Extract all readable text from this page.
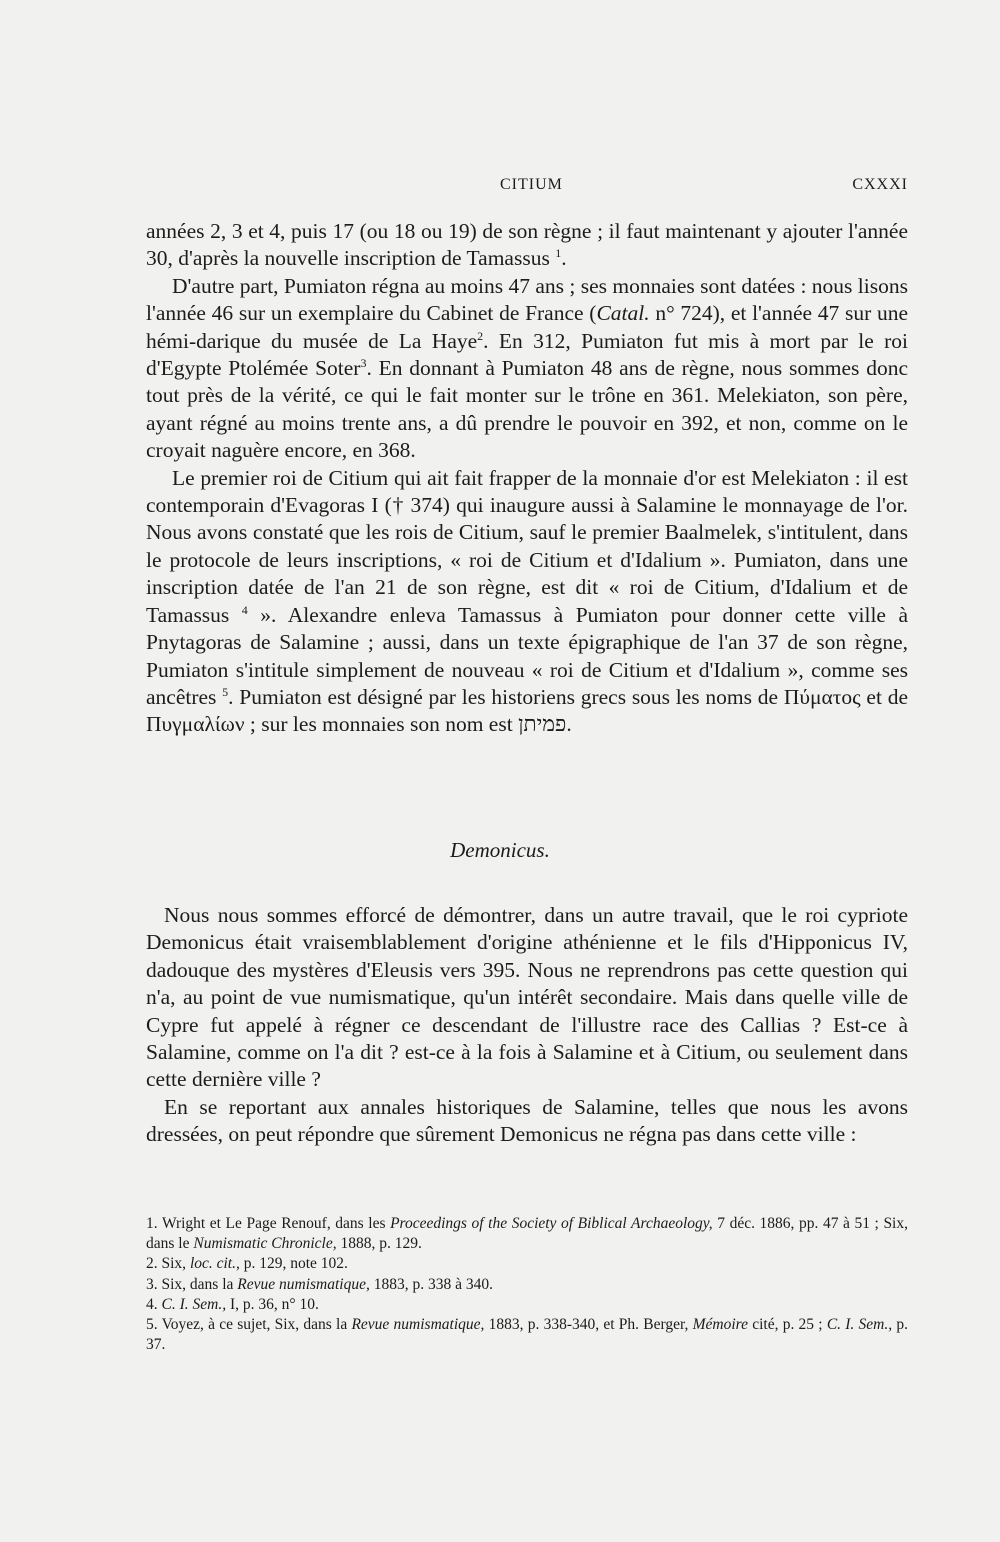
CITIUM	CXXXI

années 2, 3 et 4, puis 17 (ou 18 ou 19) de son règne ; il faut maintenant y ajouter l'année 30, d'après la nouvelle inscription de Tamassus $^1$.

D'autre part, Pumiaton régna au moins 47 ans ; ses monnaies sont datées : nous lisons l'année 46 sur un exemplaire du Cabinet de France (Catal. n° 724), et l'année 47 sur une hémi-darique du musée de La Haye$^2$. En 312, Pumiaton fut mis à mort par le roi d'Egypte Ptolémée Soter$^3$. En donnant à Pumiaton 48 ans de règne, nous sommes donc tout près de la vérité, ce qui le fait monter sur le trône en 361. Melekiaton, son père, ayant régné au moins trente ans, a dû prendre le pouvoir en 392, et non, comme on le croyait naguère encore, en 368.

Le premier roi de Citium qui ait fait frapper de la monnaie d'or est Melekiaton : il est contemporain d'Evagoras I († 374) qui inaugure aussi à Salamine le monnayage de l'or. Nous avons constaté que les rois de Citium, sauf le premier Baalmelek, s'intitulent, dans le protocole de leurs inscriptions, « roi de Citium et d'Idalium ». Pumiaton, dans une inscription datée de l'an 21 de son règne, est dit « roi de Citium, d'Idalium et de Tamassus $^4$ ». Alexandre enleva Tamassus à Pumiaton pour donner cette ville à Pnytagoras de Salamine ; aussi, dans un texte épigraphique de l'an 37 de son règne, Pumiaton s'intitule simplement de nouveau « roi de Citium et d'Idalium », comme ses ancêtres $^5$. Pumiaton est désigné par les historiens grecs sous les noms de Πύματος et de Πυγμαλίων ; sur les monnaies son nom est פמיתן.

Demonicus.

Nous nous sommes efforcé de démontrer, dans un autre travail, que le roi cypriote Demonicus était vraisemblablement d'origine athénienne et le fils d'Hipponicus IV, dadouque des mystères d'Eleusis vers 395. Nous ne reprendrons pas cette question qui n'a, au point de vue numismatique, qu'un intérêt secondaire. Mais dans quelle ville de Cypre fut appelé à régner ce descendant de l'illustre race des Callias ? Est-ce à Salamine, comme on l'a dit ? est-ce à la fois à Salamine et à Citium, ou seulement dans cette dernière ville ?

En se reportant aux annales historiques de Salamine, telles que nous les avons dressées, on peut répondre que sûrement Demonicus ne régna pas dans cette ville :

1. Wright et Le Page Renouf, dans les Proceedings of the Society of Biblical Archaeology, 7 déc. 1886, pp. 47 à 51 ; Six, dans le Numismatic Chronicle, 1888, p. 129.

2. Six, loc. cit., p. 129, note 102.

3. Six, dans la Revue numismatique, 1883, p. 338 à 340.

4. C. I. Sem., I, p. 36, n° 10.

5. Voyez, à ce sujet, Six, dans la Revue numismatique, 1883, p. 338-340, et Ph. Berger, Mémoire cité, p. 25 ; C. I. Sem., p. 37.
